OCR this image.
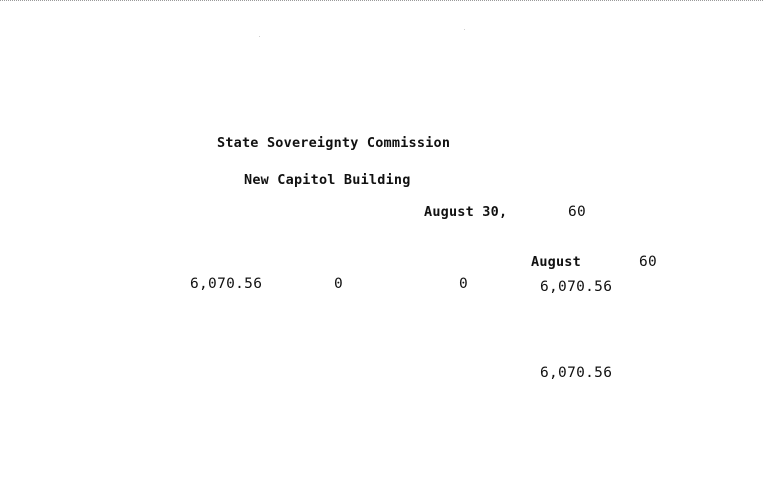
State Sovereignty Commission
New Capitol Building
August 30,	60
August	60
6,070.56	0	0	6,070.56
6,070.56
